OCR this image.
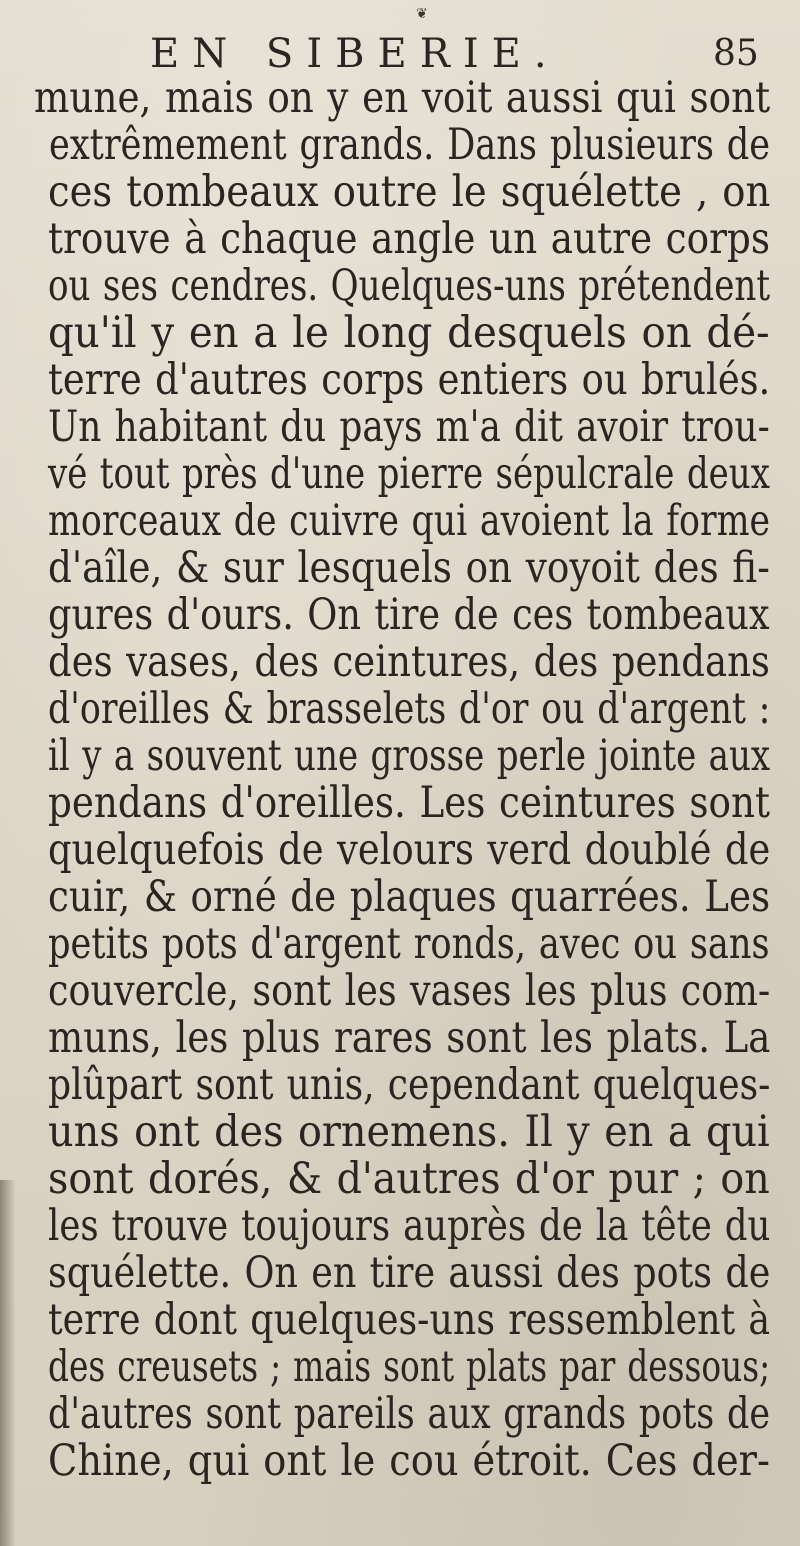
❦
EN SIBERIE.	85
mune, mais on y en voit aussi qui sont
extrêmement grands. Dans plusieurs de
ces tombeaux outre le squélette , on
trouve à chaque angle un autre corps
ou ses cendres. Quelques-uns prétendent
qu'il y en a le long desquels on dé-
terre d'autres corps entiers ou brulés.
Un habitant du pays m'a dit avoir trou-
vé tout près d'une pierre sépulcrale deux
morceaux de cuivre qui avoient la forme
d'aîle, & sur lesquels on voyoit des fi-
gures d'ours. On tire de ces tombeaux
des vases, des ceintures, des pendans
d'oreilles & brasselets d'or ou d'argent :
il y a souvent une grosse perle jointe aux
pendans d'oreilles. Les ceintures sont
quelquefois de velours verd doublé de
cuir, & orné de plaques quarrées. Les
petits pots d'argent ronds, avec ou sans
couvercle, sont les vases les plus com-
muns, les plus rares sont les plats. La
plûpart sont unis, cependant quelques-
uns ont des ornemens. Il y en a qui
sont dorés, & d'autres d'or pur ; on
les trouve toujours auprès de la tête du
squélette. On en tire aussi des pots de
terre dont quelques-uns ressemblent à
des creusets ; mais sont plats par dessous;
d'autres sont pareils aux grands pots de
Chine, qui ont le cou étroit. Ces der-
